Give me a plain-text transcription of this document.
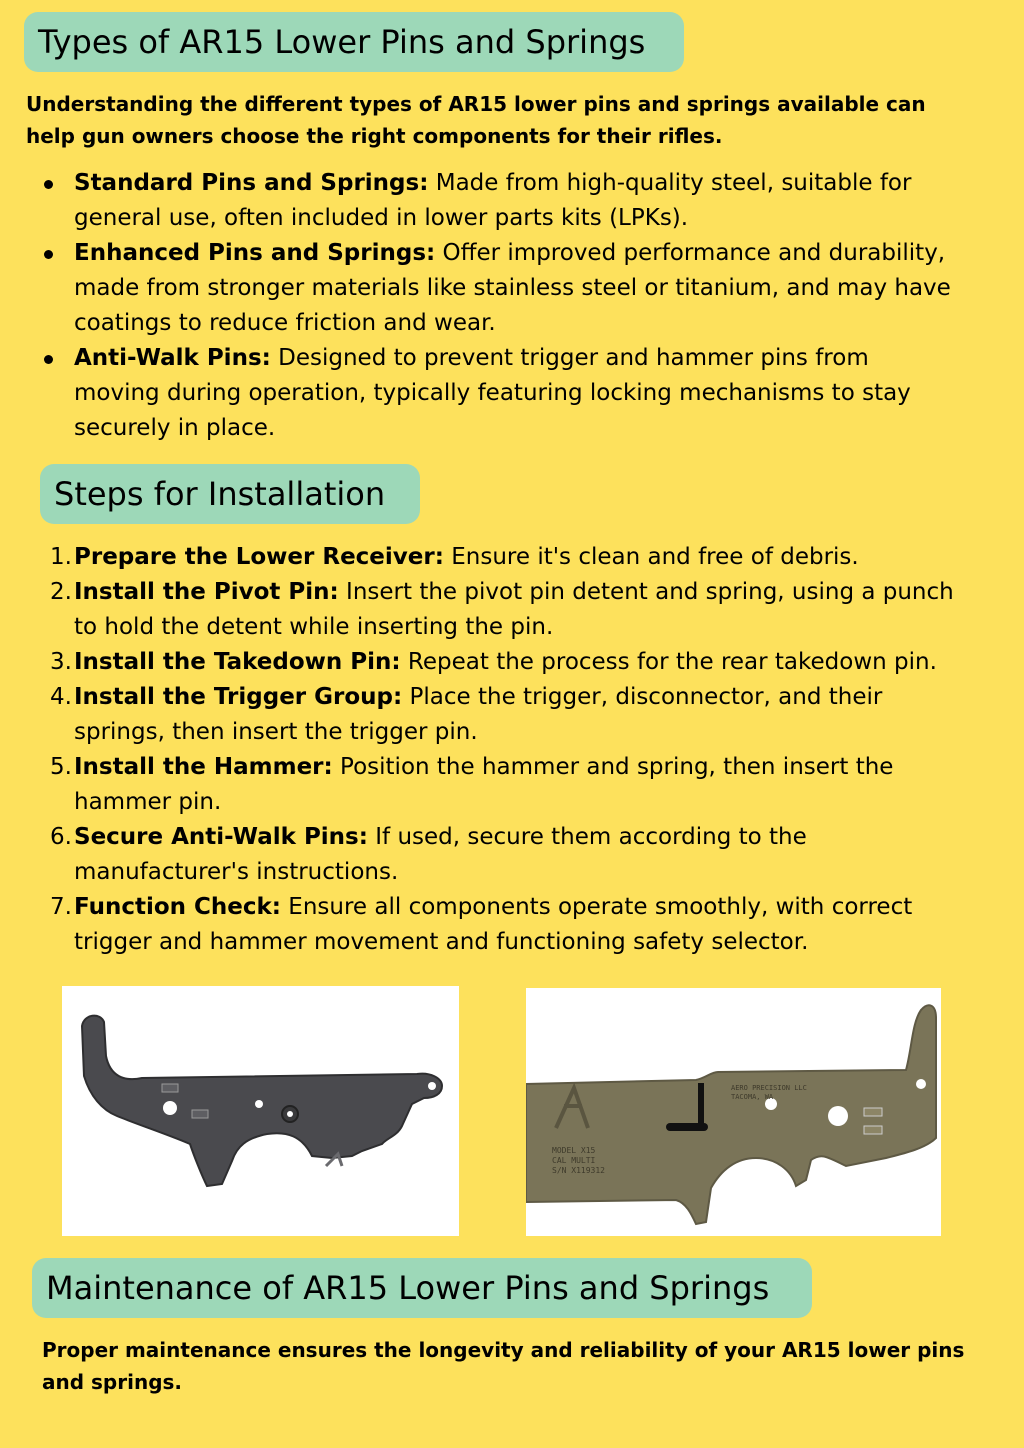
Types of AR15 Lower Pins and Springs

Understanding the different types of AR15 lower pins and springs available can help gun owners choose the right components for their rifles.

Standard Pins and Springs: Made from high-quality steel, suitable for general use, often included in lower parts kits (LPKs).
Enhanced Pins and Springs: Offer improved performance and durability, made from stronger materials like stainless steel or titanium, and may have coatings to reduce friction and wear.
Anti-Walk Pins: Designed to prevent trigger and hammer pins from moving during operation, typically featuring locking mechanisms to stay securely in place.
Steps for Installation
1. Prepare the Lower Receiver: Ensure it's clean and free of debris.
2. Install the Pivot Pin: Insert the pivot pin detent and spring, using a punch to hold the detent while inserting the pin.
3. Install the Takedown Pin: Repeat the process for the rear takedown pin.
4. Install the Trigger Group: Place the trigger, disconnector, and their springs, then insert the trigger pin.
5. Install the Hammer: Position the hammer and spring, then insert the hammer pin.
6. Secure Anti-Walk Pins: If used, secure them according to the manufacturer's instructions.
7. Function Check: Ensure all components operate smoothly, with correct trigger and hammer movement and functioning safety selector.
AERO PRECISION LLC
TACOMA, WA
MODEL X15
CAL MULTI
S/N X119312
Maintenance of AR15 Lower Pins and Springs

Proper maintenance ensures the longevity and reliability of your AR15 lower pins and springs.
